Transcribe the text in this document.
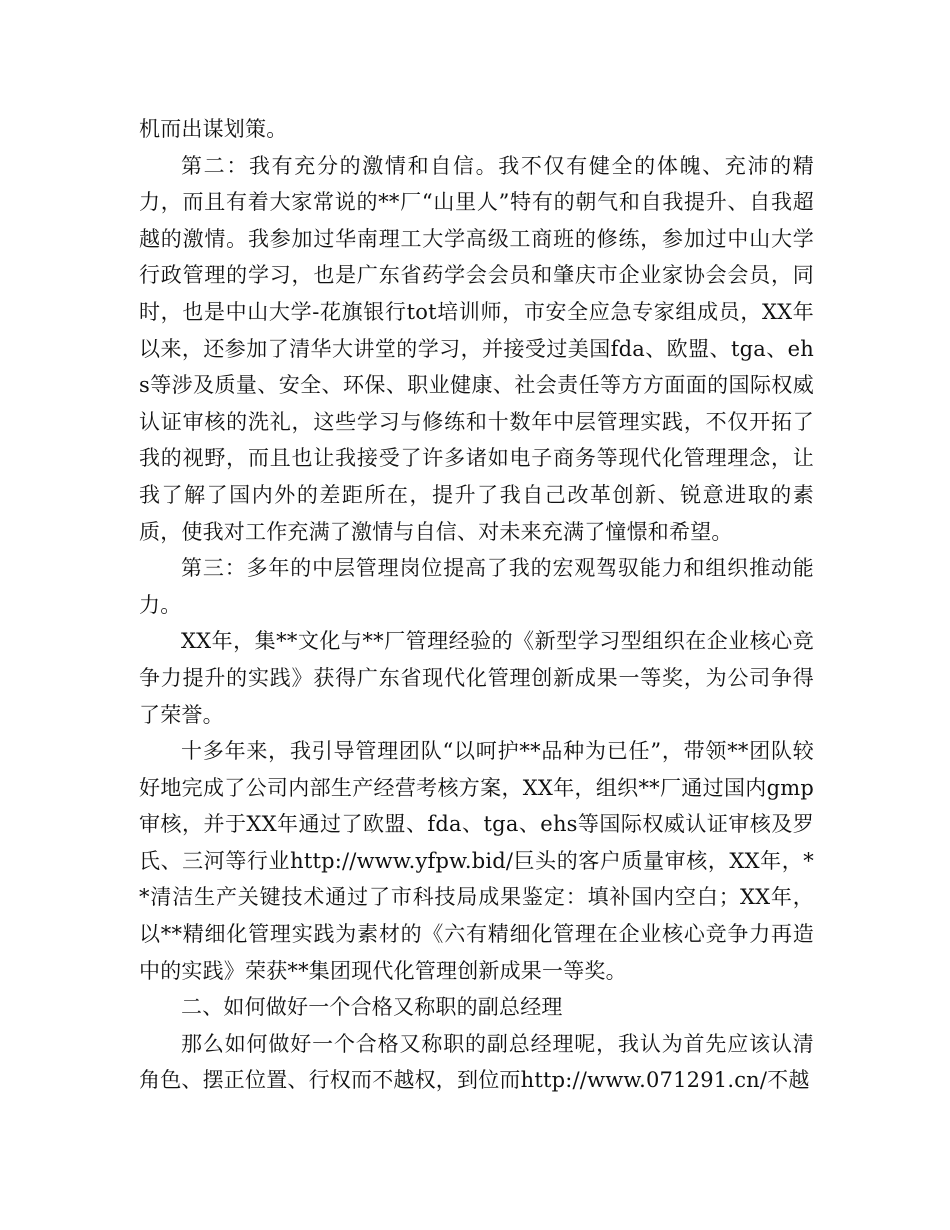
机而出谋划策。

第二：我有充分的激情和自信。我不仅有健全的体魄、充沛的精力，而且有着大家常说的**厂“山里人”特有的朝气和自我提升、自我超越的激情。我参加过华南理工大学高级工商班的修练，参加过中山大学行政管理的学习，也是广东省药学会会员和肇庆市企业家协会会员，同时，也是中山大学-花旗银行tot培训师，市安全应急专家组成员，XX年以来，还参加了清华大讲堂的学习，并接受过美国fda、欧盟、tga、ehs等涉及质量、安全、环保、职业健康、社会责任等方方面面的国际权威认证审核的洗礼，这些学习与修练和十数年中层管理实践，不仅开拓了我的视野，而且也让我接受了许多诸如电子商务等现代化管理理念，让我了解了国内外的差距所在，提升了我自己改革创新、锐意进取的素质，使我对工作充满了激情与自信、对未来充满了憧憬和希望。

第三：多年的中层管理岗位提高了我的宏观驾驭能力和组织推动能力。

XX年，集**文化与**厂管理经验的《新型学习型组织在企业核心竞争力提升的实践》获得广东省现代化管理创新成果一等奖，为公司争得了荣誉。

十多年来，我引导管理团队“以呵护**品种为已任”，带领**团队较好地完成了公司内部生产经营考核方案，XX年，组织**厂通过国内gmp审核，并于XX年通过了欧盟、fda、tga、ehs等国际权威认证审核及罗氏、三河等行业http://www.yfpw.bid/巨头的客户质量审核，XX年，**清洁生产关键技术通过了市科技局成果鉴定：填补国内空白；XX年，以**精细化管理实践为素材的《六有精细化管理在企业核心竞争力再造中的实践》荣获**集团现代化管理创新成果一等奖。

二、如何做好一个合格又称职的副总经理

那么如何做好一个合格又称职的副总经理呢，我认为首先应该认清角色、摆正位置、行权而不越权，到位而http://www.071291.cn/不越
